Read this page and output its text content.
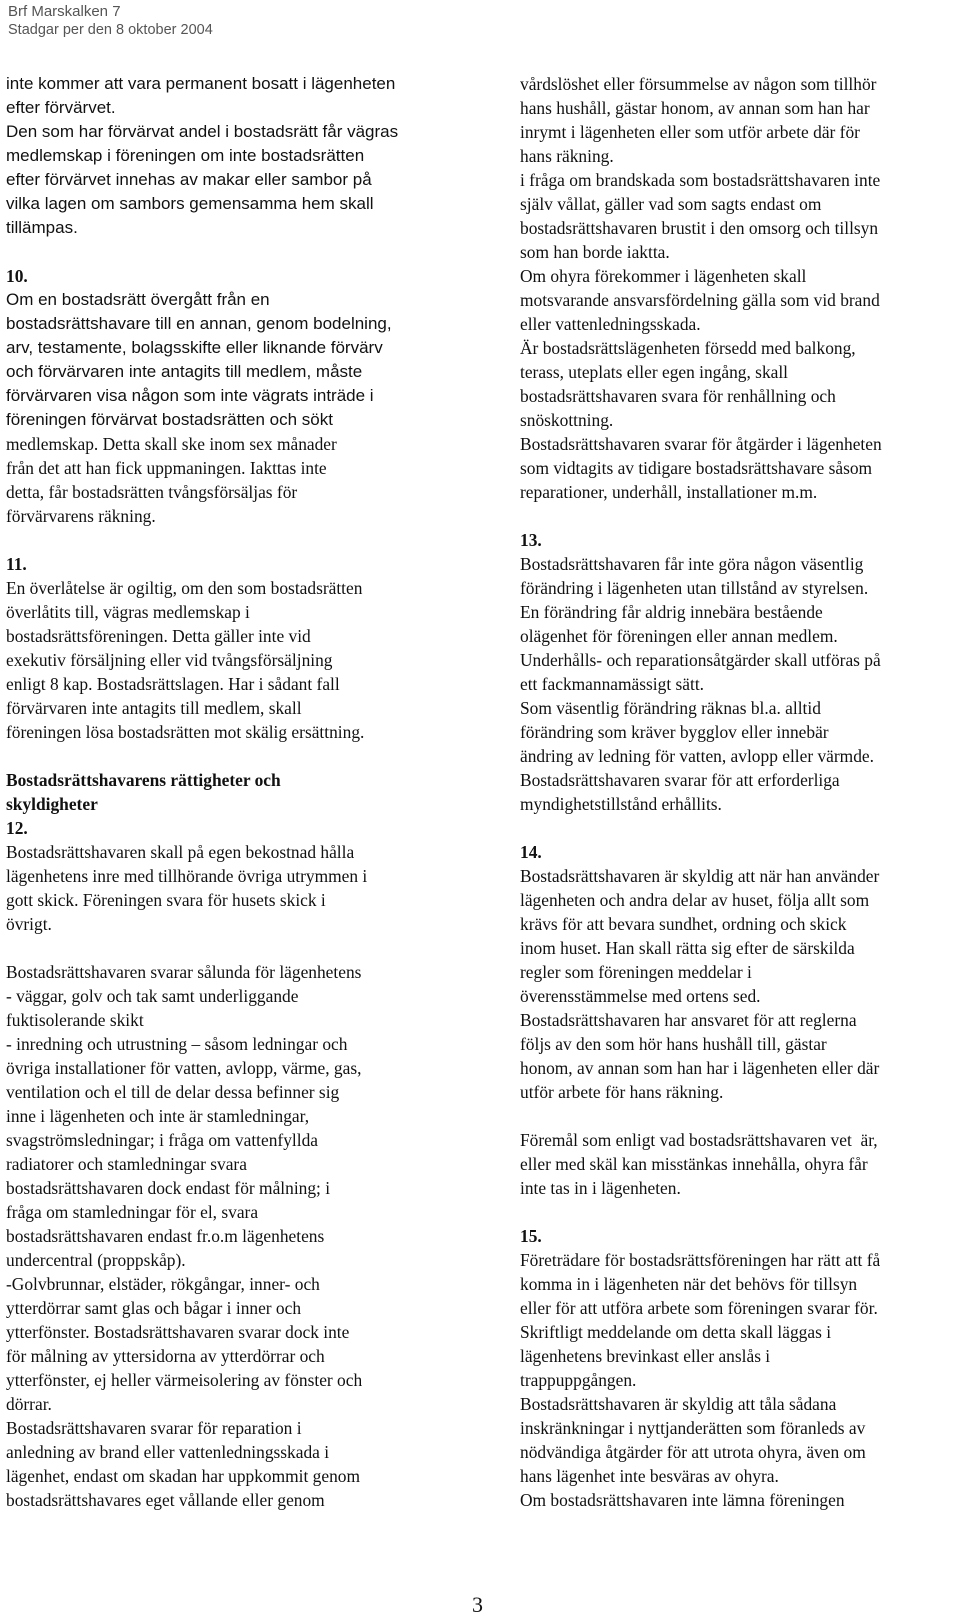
Brf Marskalken 7
Stadgar per den 8 oktober 2004
inte kommer att vara permanent bosatt i lägenheten
efter förvärvet.
Den som har förvärvat andel i bostadsrätt får vägras
medlemskap i föreningen om inte bostadsrätten
efter förvärvet innehas av makar eller sambor på
vilka lagen om sambors gemensamma hem skall
tillämpas.
10.
Om en bostadsrätt övergått från en
bostadsrättshavare till en annan, genom bodelning,
arv, testamente, bolagsskifte eller liknande förvärv
och förvärvaren inte antagits till medlem, måste
förvärvaren visa någon som inte vägrats inträde i
föreningen förvärvat bostadsrätten och sökt
medlemskap. Detta skall ske inom sex månader
från det att han fick uppmaningen. Iakttas inte
detta, får bostadsrätten tvångsförsäljas för
förvärvarens räkning.
11.
En överlåtelse är ogiltig, om den som bostadsrätten
överlåtits till, vägras medlemskap i
bostadsrättsföreningen. Detta gäller inte vid
exekutiv försäljning eller vid tvångsförsäljning
enligt 8 kap. Bostadsrättslagen. Har i sådant fall
förvärvaren inte antagits till medlem, skall
föreningen lösa bostadsrätten mot skälig ersättning.
Bostadsrättshavarens rättigheter och
skyldigheter
12.
Bostadsrättshavaren skall på egen bekostnad hålla
lägenhetens inre med tillhörande övriga utrymmen i
gott skick. Föreningen svara för husets skick i
övrigt.
Bostadsrättshavaren svarar sålunda för lägenhetens
- väggar, golv och tak samt underliggande
fuktisolerande skikt
- inredning och utrustning – såsom ledningar och
övriga installationer för vatten, avlopp, värme, gas,
ventilation och el till de delar dessa befinner sig
inne i lägenheten och inte är stamledningar,
svagströmsledningar; i fråga om vattenfyllda
radiatorer och stamledningar svara
bostadsrättshavaren dock endast för målning; i
fråga om stamledningar för el, svara
bostadsrättshavaren endast fr.o.m lägenhetens
undercentral (proppskåp).
-Golvbrunnar, elstäder, rökgångar, inner- och
ytterdörrar samt glas och bågar i inner och
ytterfönster. Bostadsrättshavaren svarar dock inte
för målning av yttersidorna av ytterdörrar och
ytterfönster, ej heller värmeisolering av fönster och
dörrar.
Bostadsrättshavaren svarar för reparation i
anledning av brand eller vattenledningsskada i
lägenhet, endast om skadan har uppkommit genom
bostadsrättshavares eget vållande eller genom
vårdslöshet eller försummelse av någon som tillhör
hans hushåll, gästar honom, av annan som han har
inrymt i lägenheten eller som utför arbete där för
hans räkning.
i fråga om brandskada som bostadsrättshavaren inte
själv vållat, gäller vad som sagts endast om
bostadsrättshavaren brustit i den omsorg och tillsyn
som han borde iaktta.
Om ohyra förekommer i lägenheten skall
motsvarande ansvarsfördelning gälla som vid brand
eller vattenledningsskada.
Är bostadsrättslägenheten försedd med balkong,
terass, uteplats eller egen ingång, skall
bostadsrättshavaren svara för renhållning och
snöskottning.
Bostadsrättshavaren svarar för åtgärder i lägenheten
som vidtagits av tidigare bostadsrättshavare såsom
reparationer, underhåll, installationer m.m.
13.
Bostadsrättshavaren får inte göra någon väsentlig
förändring i lägenheten utan tillstånd av styrelsen.
En förändring får aldrig innebära bestående
olägenhet för föreningen eller annan medlem.
Underhålls- och reparationsåtgärder skall utföras på
ett fackmannamässigt sätt.
Som väsentlig förändring räknas bl.a. alltid
förändring som kräver bygglov eller innebär
ändring av ledning för vatten, avlopp eller värmde.
Bostadsrättshavaren svarar för att erforderliga
myndighetstillstånd erhållits.
14.
Bostadsrättshavaren är skyldig att när han använder
lägenheten och andra delar av huset, följa allt som
krävs för att bevara sundhet, ordning och skick
inom huset. Han skall rätta sig efter de särskilda
regler som föreningen meddelar i
överensstämmelse med ortens sed.
Bostadsrättshavaren har ansvaret för att reglerna
följs av den som hör hans hushåll till, gästar
honom, av annan som han har i lägenheten eller där
utför arbete för hans räkning.
Föremål som enligt vad bostadsrättshavaren vet  är,
eller med skäl kan misstänkas innehålla, ohyra får
inte tas in i lägenheten.
15.
Företrädare för bostadsrättsföreningen har rätt att få
komma in i lägenheten när det behövs för tillsyn
eller för att utföra arbete som föreningen svarar för.
Skriftligt meddelande om detta skall läggas i
lägenhetens brevinkast eller anslås i
trappuppgången.
Bostadsrättshavaren är skyldig att tåla sådana
inskränkningar i nyttjanderätten som föranleds av
nödvändiga åtgärder för att utrota ohyra, även om
hans lägenhet inte besväras av ohyra.
Om bostadsrättshavaren inte lämna föreningen
3
